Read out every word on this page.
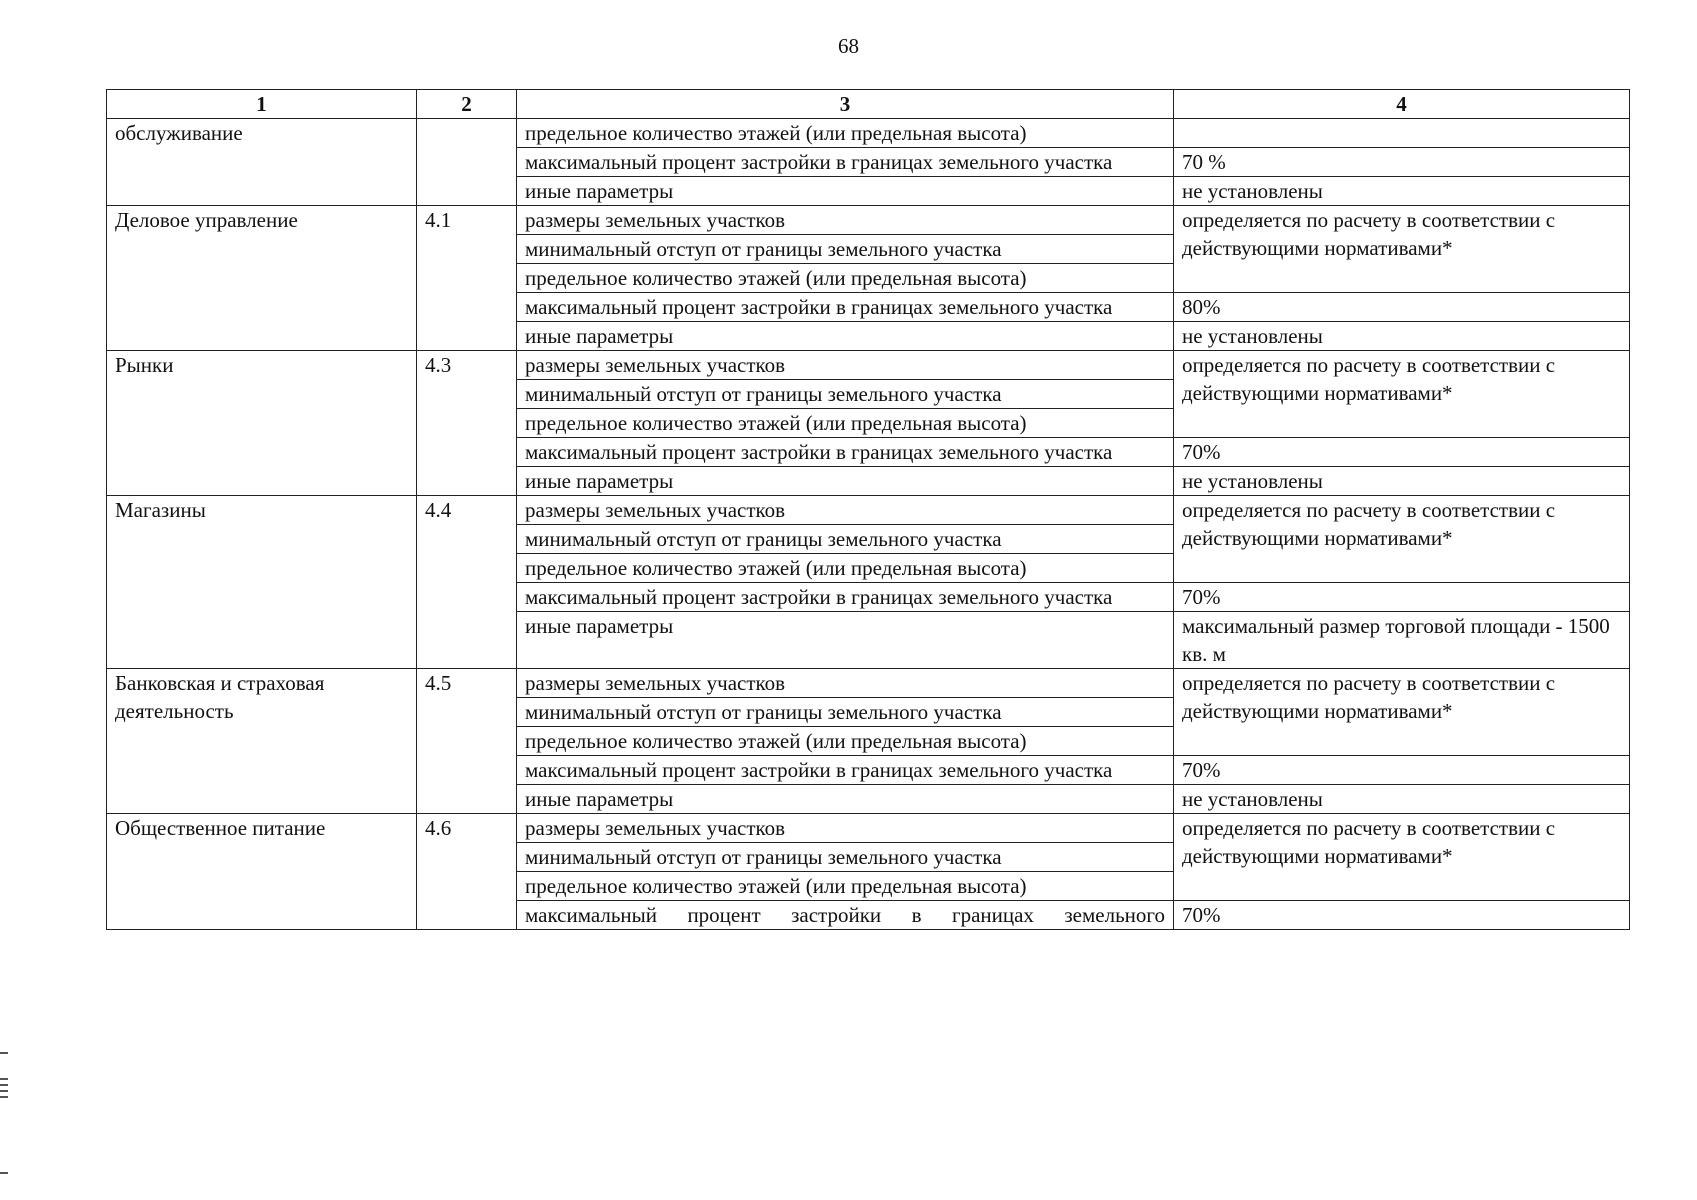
68
1	2	3	4
обслуживание		предельное количество этажей (или предельная высота)	
		максимальный процент застройки в границах земельного участка	70 %
		иные параметры	не установлены
Деловое управление	4.1	размеры земельных участков	определяется по расчету в соответствии с действующими нормативами*
		минимальный отступ от границы земельного участка	
		предельное количество этажей (или предельная высота)	
		максимальный процент застройки в границах земельного участка	80%
		иные параметры	не установлены
Рынки	4.3	размеры земельных участков	определяется по расчету в соответствии с действующими нормативами*
		минимальный отступ от границы земельного участка	
		предельное количество этажей (или предельная высота)	
		максимальный процент застройки в границах земельного участка	70%
		иные параметры	не установлены
Магазины	4.4	размеры земельных участков	определяется по расчету в соответствии с действующими нормативами*
		минимальный отступ от границы земельного участка	
		предельное количество этажей (или предельная высота)	
		максимальный процент застройки в границах земельного участка	70%
		иные параметры	максимальный размер торговой площади - 1500 кв. м
Банковская и страховая деятельность	4.5	размеры земельных участков	определяется по расчету в соответствии с действующими нормативами*
		минимальный отступ от границы земельного участка	
		предельное количество этажей (или предельная высота)	
		максимальный процент застройки в границах земельного участка	70%
		иные параметры	не установлены
Общественное питание	4.6	размеры земельных участков	определяется по расчету в соответствии с действующими нормативами*
		минимальный отступ от границы земельного участка	
		предельное количество этажей (или предельная высота)	
		максимальный процент застройки в границах земельного	70%
